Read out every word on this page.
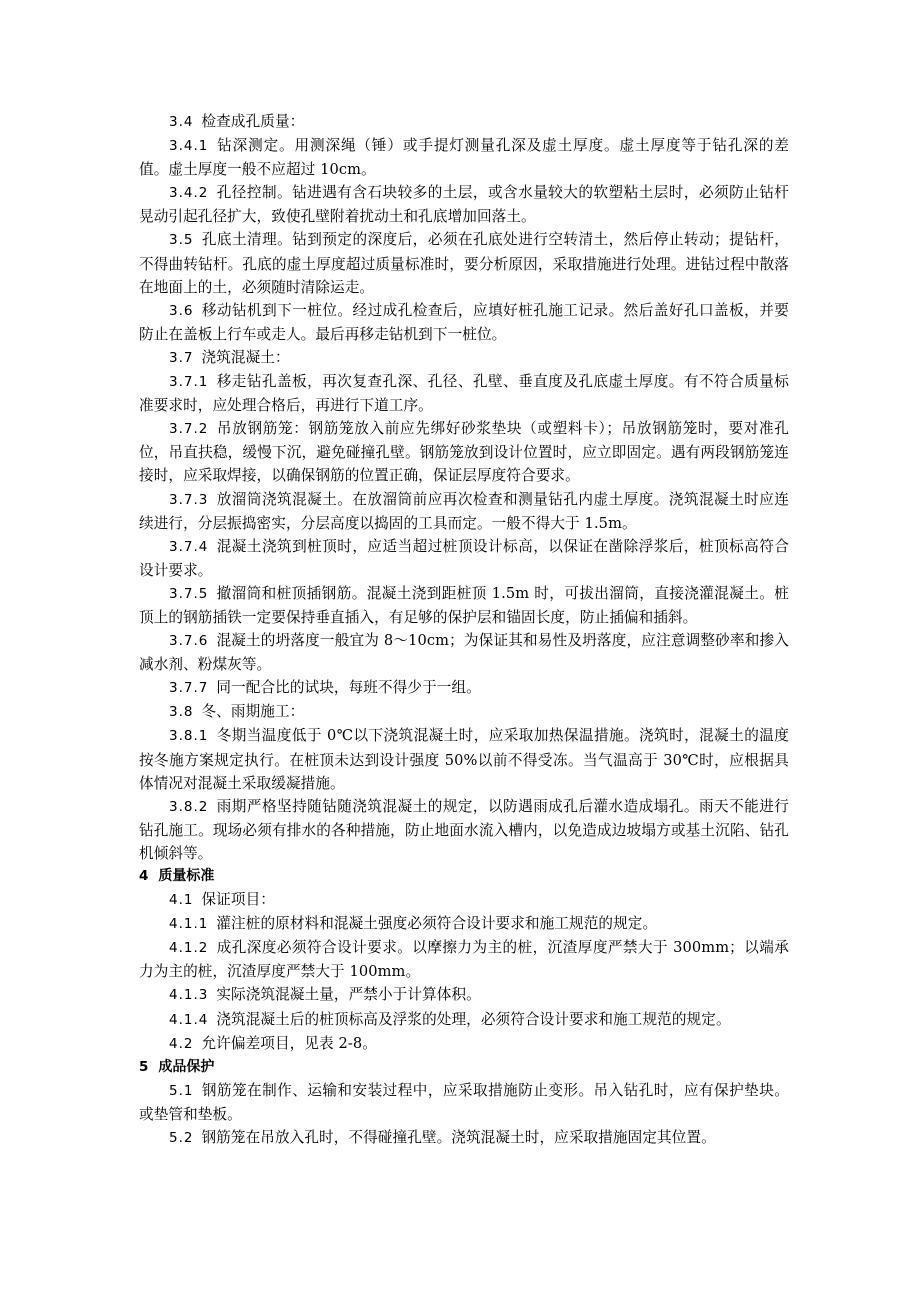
3.4 检查成孔质量：

3.4.1 钻深测定。用测深绳（锤）或手提灯测量孔深及虚土厚度。虚土厚度等于钻孔深的差值。虚土厚度一般不应超过 10cm。

3.4.2 孔径控制。钻进遇有含石块较多的土层，或含水量较大的软塑粘土层时，必须防止钻杆晃动引起孔径扩大，致使孔壁附着扰动土和孔底增加回落土。

3.5 孔底土清理。钻到预定的深度后，必须在孔底处进行空转清土，然后停止转动；提钻杆，不得曲转钻杆。孔底的虚土厚度超过质量标准时，要分析原因，采取措施进行处理。进钻过程中散落在地面上的土，必须随时清除运走。

3.6 移动钻机到下一桩位。经过成孔检查后，应填好桩孔施工记录。然后盖好孔口盖板，并要防止在盖板上行车或走人。最后再移走钻机到下一桩位。

3.7 浇筑混凝土：

3.7.1 移走钻孔盖板，再次复查孔深、孔径、孔壁、垂直度及孔底虚土厚度。有不符合质量标准要求时，应处理合格后，再进行下道工序。

3.7.2 吊放钢筋笼：钢筋笼放入前应先绑好砂浆垫块（或塑料卡）；吊放钢筋笼时，要对准孔位，吊直扶稳，缓慢下沉，避免碰撞孔壁。钢筋笼放到设计位置时，应立即固定。遇有两段钢筋笼连接时，应采取焊接，以确保钢筋的位置正确，保证层厚度符合要求。

3.7.3 放溜筒浇筑混凝土。在放溜筒前应再次检查和测量钻孔内虚土厚度。浇筑混凝土时应连续进行，分层振捣密实，分层高度以捣固的工具而定。一般不得大于 1.5m。

3.7.4 混凝土浇筑到桩顶时，应适当超过桩顶设计标高，以保证在凿除浮浆后，桩顶标高符合设计要求。

3.7.5 撤溜筒和桩顶插钢筋。混凝土浇到距桩顶 1.5m 时，可拔出溜筒，直接浇灌混凝土。桩顶上的钢筋插铁一定要保持垂直插入，有足够的保护层和锚固长度，防止插偏和插斜。

3.7.6 混凝土的坍落度一般宜为 8～10cm；为保证其和易性及坍落度，应注意调整砂率和掺入减水剂、粉煤灰等。

3.7.7 同一配合比的试块，每班不得少于一组。

3.8 冬、雨期施工：

3.8.1 冬期当温度低于 0℃以下浇筑混凝土时，应采取加热保温措施。浇筑时，混凝土的温度按冬施方案规定执行。在桩顶未达到设计强度 50%以前不得受冻。当气温高于 30℃时，应根据具体情况对混凝土采取缓凝措施。

3.8.2 雨期严格坚持随钻随浇筑混凝土的规定，以防遇雨成孔后灌水造成塌孔。雨天不能进行钻孔施工。现场必须有排水的各种措施，防止地面水流入槽内，以免造成边坡塌方或基土沉陷、钻孔机倾斜等。

4 质量标准

4.1 保证项目：

4.1.1 灌注桩的原材料和混凝土强度必须符合设计要求和施工规范的规定。

4.1.2 成孔深度必须符合设计要求。以摩擦力为主的桩，沉渣厚度严禁大于 300mm；以端承力为主的桩，沉渣厚度严禁大于 100mm。

4.1.3 实际浇筑混凝土量，严禁小于计算体积。

4.1.4 浇筑混凝土后的桩顶标高及浮浆的处理，必须符合设计要求和施工规范的规定。

4.2 允许偏差项目，见表 2-8。

5 成品保护

5.1 钢筋笼在制作、运输和安装过程中，应采取措施防止变形。吊入钻孔时，应有保护垫块。或垫管和垫板。

5.2 钢筋笼在吊放入孔时，不得碰撞孔壁。浇筑混凝土时，应采取措施固定其位置。
